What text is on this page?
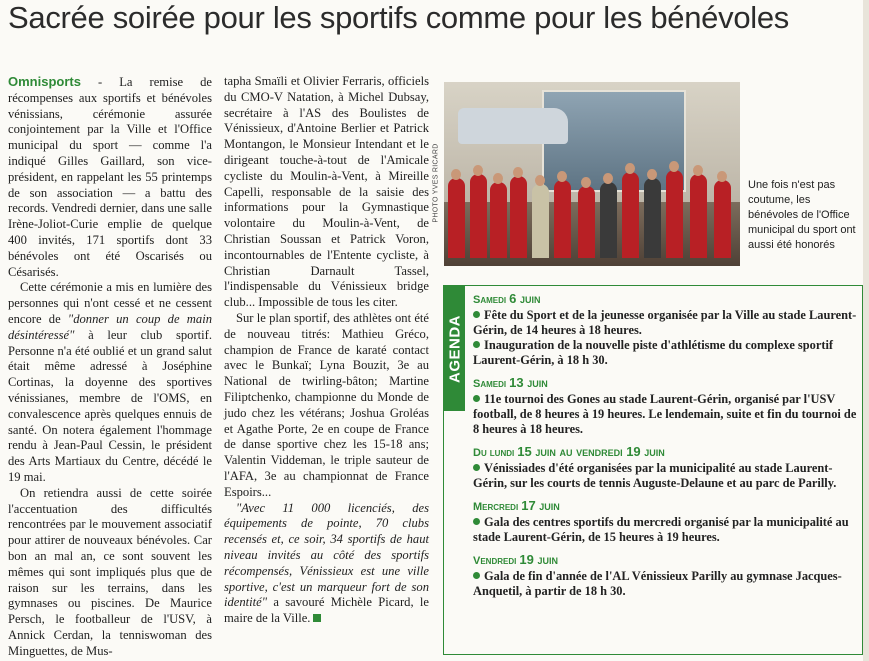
Sacrée soirée pour les sportifs comme pour les bénévoles

Omnisports - La remise de récompenses aux sportifs et bénévoles vénissians, cérémonie assurée conjointement par la Ville et l'Office municipal du sport — comme l'a indiqué Gilles Gaillard, son vice-président, en rappelant les 55 printemps de son association — a battu des records. Vendredi dernier, dans une salle Irène-Joliot-Curie emplie de quelque 400 invités, 171 sportifs dont 33 bénévoles ont été Oscarisés ou Césarisés.

Cette cérémonie a mis en lumière des personnes qui n'ont cessé et ne cessent encore de "donner un coup de main désintéressé" à leur club sportif. Personne n'a été oublié et un grand salut était même adressé à Joséphine Cortinas, la doyenne des sportives vénissianes, membre de l'OMS, en convalescence après quelques ennuis de santé. On notera également l'hommage rendu à Jean-Paul Cessin, le président des Arts Martiaux du Centre, décédé le 19 mai.

On retiendra aussi de cette soirée l'accentuation des difficultés rencontrées par le mouvement associatif pour attirer de nouveaux bénévoles. Car bon an mal an, ce sont souvent les mêmes qui sont impliqués plus que de raison sur les terrains, dans les gymnases ou piscines. De Maurice Persch, le footballeur de l'USV, à Annick Cerdan, la tenniswoman des Minguettes, de Mus-

tapha Smaïli et Olivier Ferraris, officiels du CMO-V Natation, à Michel Dubsay, secrétaire à l'AS des Boulistes de Vénissieux, d'Antoine Berlier et Patrick Montangon, le Monsieur Intendant et le dirigeant touche-à-tout de l'Amicale cycliste du Moulin-à-Vent, à Mireille Capelli, responsable de la saisie des informations pour la Gymnastique volontaire du Moulin-à-Vent, de Christian Soussan et Patrick Voron, incontournables de l'Entente cycliste, à Christian Darnault Tassel, l'indispensable du Vénissieux bridge club... Impossible de tous les citer.

Sur le plan sportif, des athlètes ont été de nouveau titrés: Mathieu Gréco, champion de France de karaté contact avec le Bunkaï; Lyna Bouzit, 3e au National de twirling-bâton; Martine Filiptchenko, championne du Monde de judo chez les vétérans; Joshua Groléas et Agathe Porte, 2e en coupe de France de danse sportive chez les 15-18 ans; Valentin Viddeman, le triple sauteur de l'AFA, 3e au championnat de France Espoirs...

"Avec 11 000 licenciés, des équipements de pointe, 70 clubs recensés et, ce soir, 34 sportifs de haut niveau invités au côté des sportifs récompensés, Vénissieux est une ville sportive, c'est un marqueur fort de son identité" a savouré Michèle Picard, le maire de la Ville.

PHOTO YVES RICARD	Une fois n'est pas coutume, les bénévoles de l'Office municipal du sport ont aussi été honorés
AGENDA

Samedi 6 juin

Fête du Sport et de la jeunesse organisée par la Ville au stade Laurent-Gérin, de 14 heures à 18 heures.

Inauguration de la nouvelle piste d'athlétisme du complexe sportif Laurent-Gérin, à 18 h 30.

Samedi 13 juin

11e tournoi des Gones au stade Laurent-Gérin, organisé par l'USV football, de 8 heures à 19 heures. Le lendemain, suite et fin du tournoi de 8 heures à 18 heures.

Du lundi 15 juin au vendredi 19 juin

Vénissiades d'été organisées par la municipalité au stade Laurent-Gérin, sur les courts de tennis Auguste-Delaune et au parc de Parilly.

Mercredi 17 juin

Gala des centres sportifs du mercredi organisé par la municipalité au stade Laurent-Gérin, de 15 heures à 19 heures.

Vendredi 19 juin

Gala de fin d'année de l'AL Vénissieux Parilly au gymnase Jacques-Anquetil, à partir de 18 h 30.
